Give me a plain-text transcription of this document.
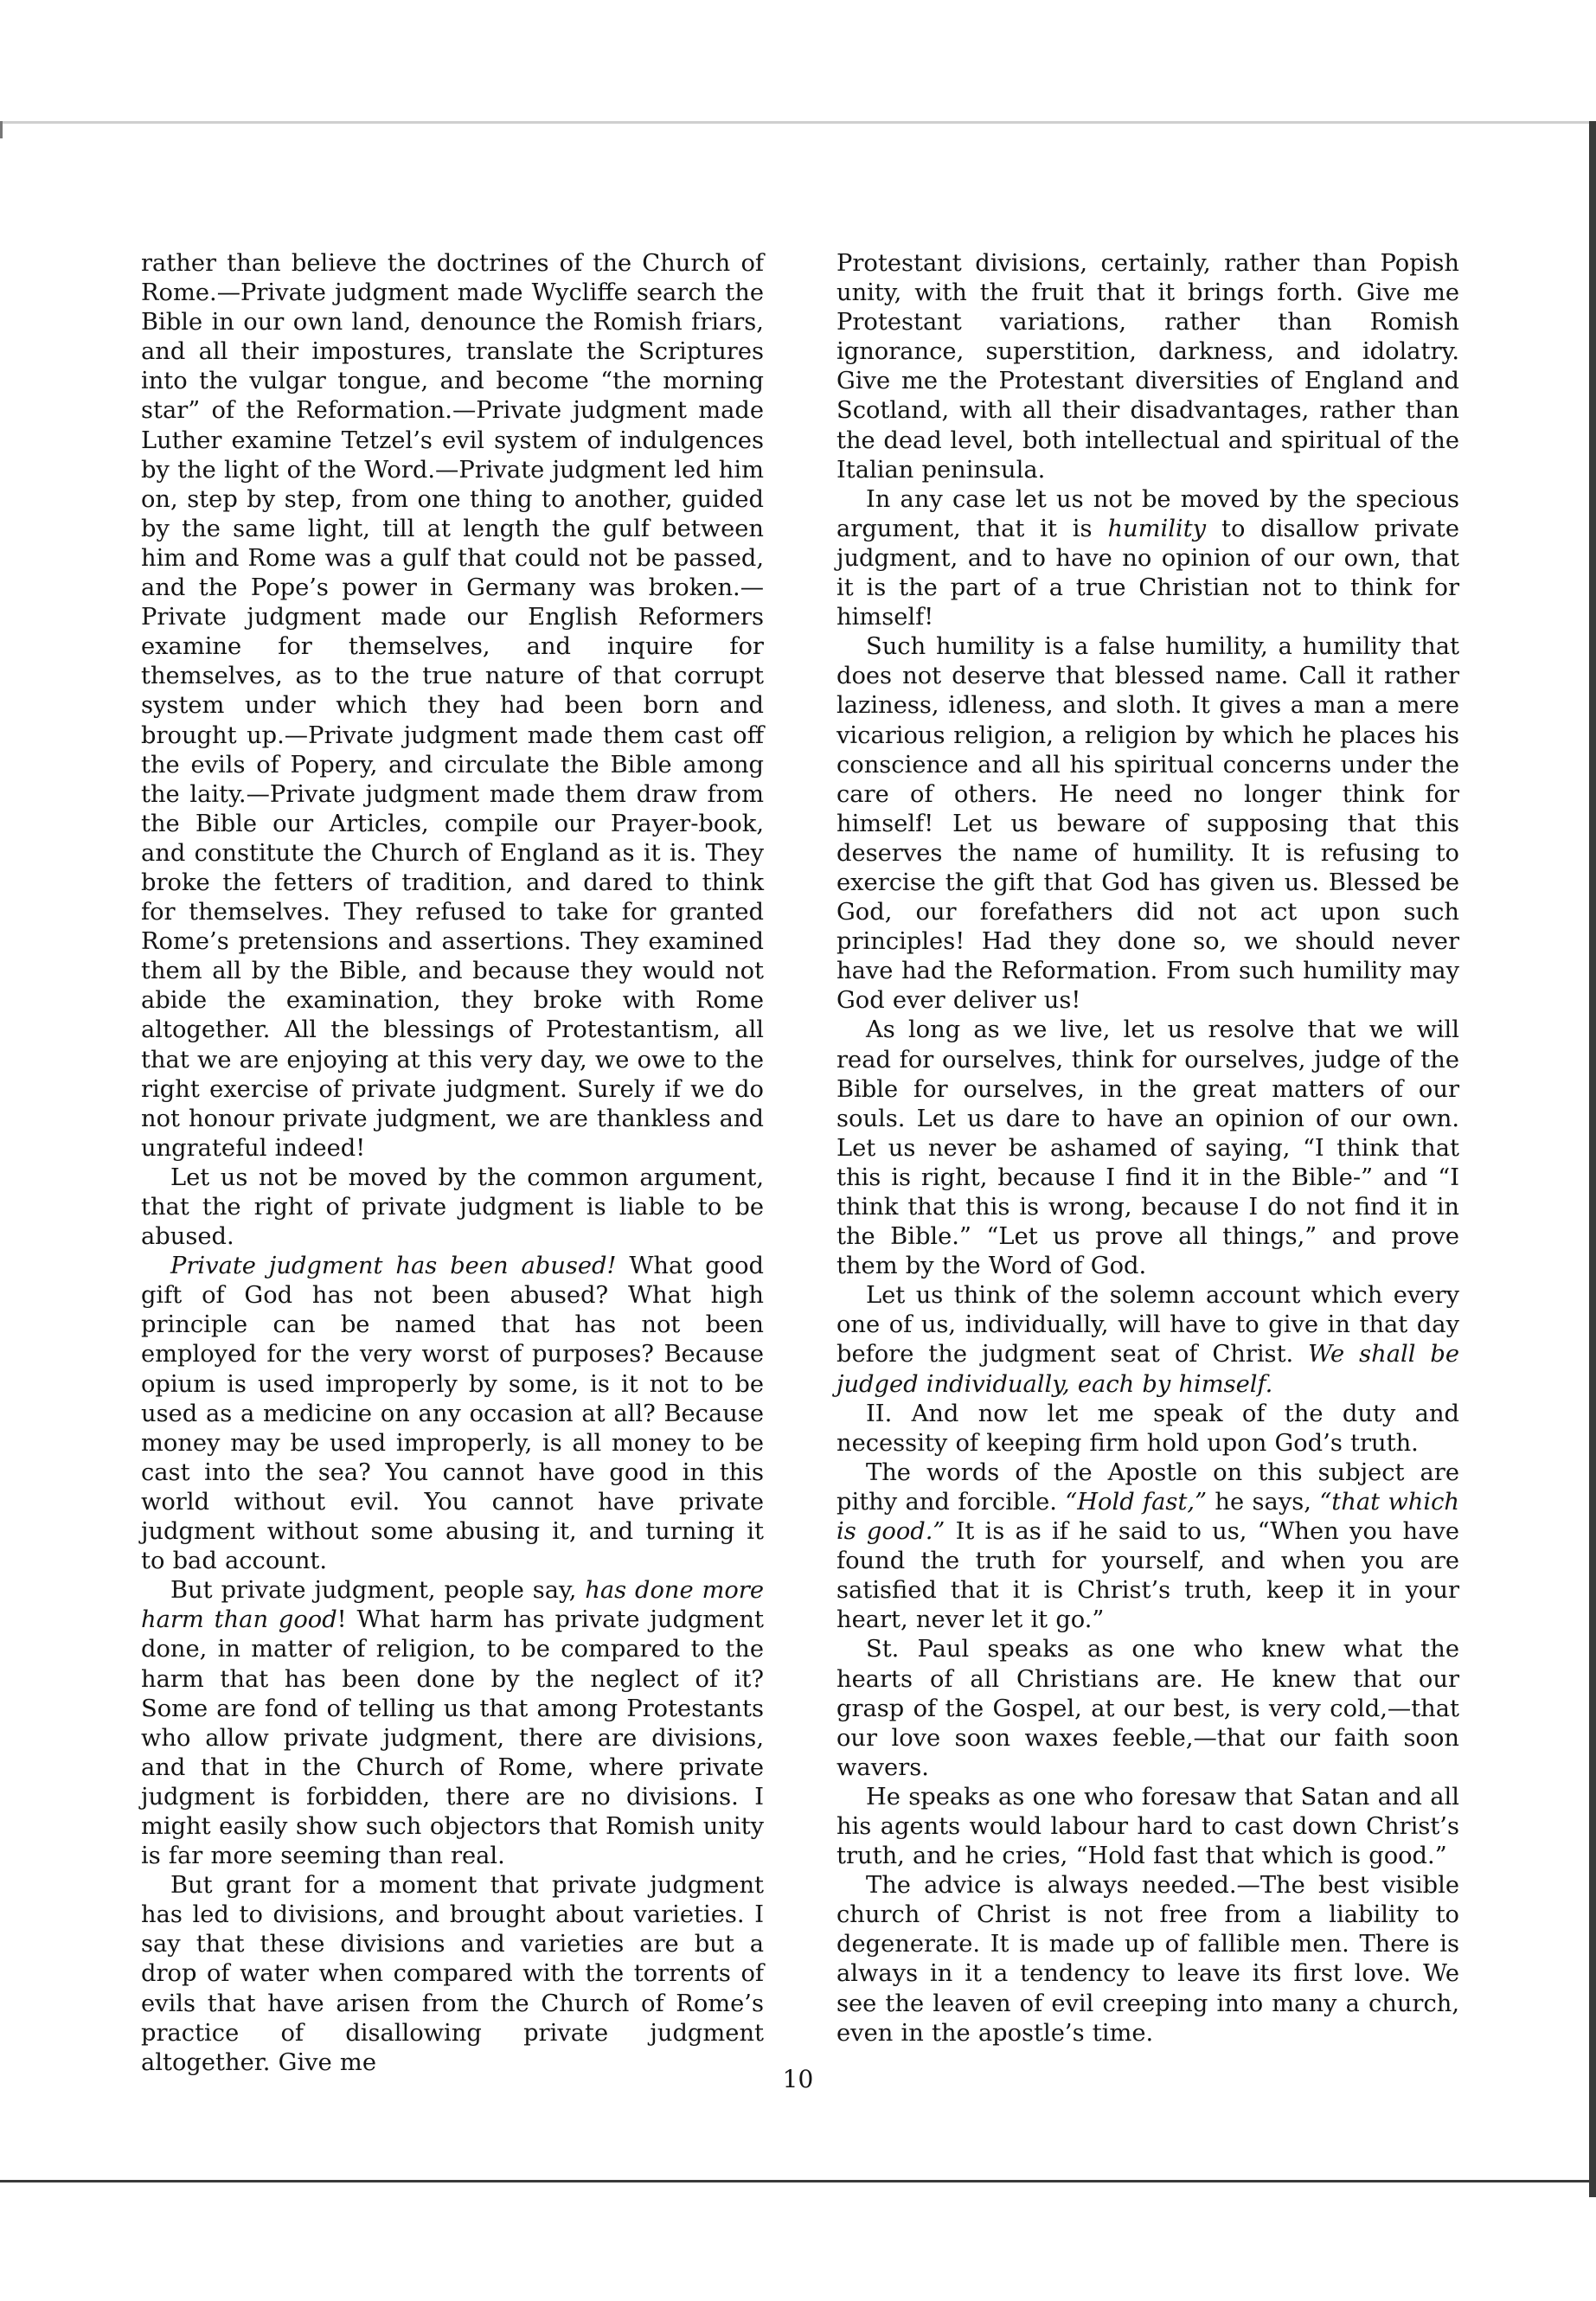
rather than believe the doctrines of the Church of Rome.—Private judgment made Wycliffe search the Bible in our own land, denounce the Romish friars, and all their impostures, translate the Scriptures into the vulgar tongue, and become “the morning star” of the Reformation.—Private judgment made Luther examine Tetzel’s evil system of indulgences by the light of the Word.—Private judgment led him on, step by step, from one thing to another, guided by the same light, till at length the gulf between him and Rome was a gulf that could not be passed, and the Pope’s power in Germany was broken.—Private judgment made our English Reformers examine for themselves, and inquire for themselves, as to the true nature of that corrupt system under which they had been born and brought up.—Private judgment made them cast off the evils of Popery, and circulate the Bible among the laity.—Private judgment made them draw from the Bible our Articles, compile our Prayer-book, and constitute the Church of England as it is. They broke the fetters of tradition, and dared to think for themselves. They refused to take for granted Rome’s pretensions and assertions. They examined them all by the Bible, and because they would not abide the examination, they broke with Rome altogether. All the blessings of Protestantism, all that we are enjoying at this very day, we owe to the right exercise of private judgment. Surely if we do not honour private judgment, we are thankless and ungrateful indeed!

Let us not be moved by the common argument, that the right of private judgment is liable to be abused.

Private judgment has been abused! What good gift of God has not been abused? What high principle can be named that has not been employed for the very worst of purposes? Because opium is used improperly by some, is it not to be used as a medicine on any occasion at all? Because money may be used improperly, is all money to be cast into the sea? You cannot have good in this world without evil. You cannot have private judgment without some abusing it, and turning it to bad account.

But private judgment, people say, has done more harm than good! What harm has private judgment done, in matter of religion, to be compared to the harm that has been done by the neglect of it? Some are fond of telling us that among Protestants who allow private judgment, there are divisions, and that in the Church of Rome, where private judgment is forbidden, there are no divisions. I might easily show such objectors that Romish unity is far more seeming than real.

But grant for a moment that private judgment has led to divisions, and brought about varieties. I say that these divisions and varieties are but a drop of water when compared with the torrents of evils that have arisen from the Church of Rome’s practice of disallowing private judgment altogether. Give me

Protestant divisions, certainly, rather than Popish unity, with the fruit that it brings forth. Give me Protestant variations, rather than Romish ignorance, superstition, darkness, and idolatry. Give me the Protestant diversities of England and Scotland, with all their disadvantages, rather than the dead level, both intellectual and spiritual of the Italian peninsula.

In any case let us not be moved by the specious argument, that it is humility to disallow private judgment, and to have no opinion of our own, that it is the part of a true Christian not to think for himself!

Such humility is a false humility, a humility that does not deserve that blessed name. Call it rather laziness, idleness, and sloth. It gives a man a mere vicarious religion, a religion by which he places his conscience and all his spiritual concerns under the care of others. He need no longer think for himself! Let us beware of supposing that this deserves the name of humility. It is refusing to exercise the gift that God has given us. Blessed be God, our forefathers did not act upon such principles! Had they done so, we should never have had the Reformation. From such humility may God ever deliver us!

As long as we live, let us resolve that we will read for ourselves, think for ourselves, judge of the Bible for ourselves, in the great matters of our souls. Let us dare to have an opinion of our own. Let us never be ashamed of saying, “I think that this is right, because I find it in the Bible-” and “I think that this is wrong, because I do not find it in the Bible.” “Let us prove all things,” and prove them by the Word of God.

Let us think of the solemn account which every one of us, individually, will have to give in that day before the judgment seat of Christ. We shall be judged individually, each by himself.

II. And now let me speak of the duty and necessity of keeping firm hold upon God’s truth.

The words of the Apostle on this subject are pithy and forcible. “Hold fast,” he says, “that which is good.” It is as if he said to us, “When you have found the truth for yourself, and when you are satisfied that it is Christ’s truth, keep it in your heart, never let it go.”

St. Paul speaks as one who knew what the hearts of all Christians are. He knew that our grasp of the Gospel, at our best, is very cold,—that our love soon waxes feeble,—that our faith soon wavers.

He speaks as one who foresaw that Satan and all his agents would labour hard to cast down Christ’s truth, and he cries, “Hold fast that which is good.”

The advice is always needed.—The best visible church of Christ is not free from a liability to degenerate. It is made up of fallible men. There is always in it a tendency to leave its first love. We see the leaven of evil creeping into many a church, even in the apostle’s time.

10
